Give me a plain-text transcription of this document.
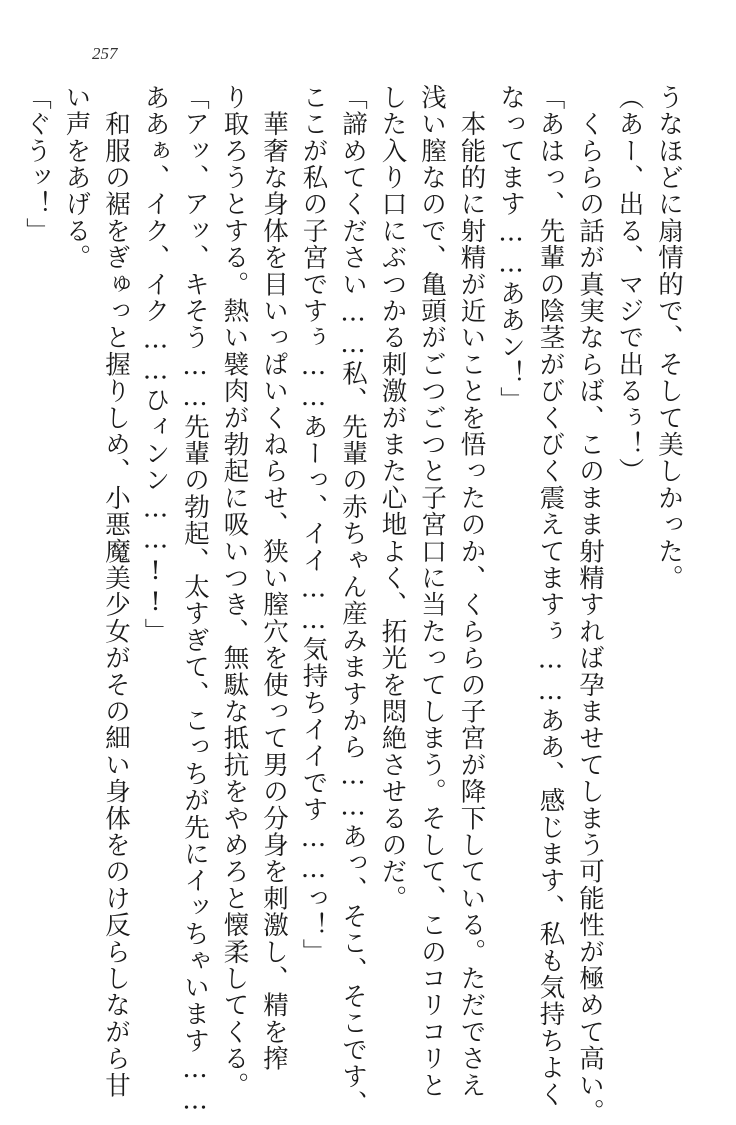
257
うなほどに扇情的で、そして美しかった。
（あー、出る、マジで出るぅ！）
　くららの話が真実ならば、このまま射精すれば孕ませてしまう可能性が極めて高い。
「あはっ、先輩の陰茎がびくびく震えてますぅ……ああ、感じます、私も気持ちよく
なってます……ああン！」
　本能的に射精が近いことを悟ったのか、くららの子宮が降下している。ただでさえ
浅い膣なので、亀頭がごつごつと子宮口に当たってしまう。そして、このコリコリと
した入り口にぶつかる刺激がまた心地よく、拓光を悶絶させるのだ。
「諦めてください……私、先輩の赤ちゃん産みますから……あっ、そこ、そこです、
ここが私の子宮ですぅ……あーっ、イイ……気持ちイイです……っ！」
　華奢な身体を目いっぱいくねらせ、狭い膣穴を使って男の分身を刺激し、精を搾
り取ろうとする。熱い襞肉が勃起に吸いつき、無駄な抵抗をやめろと懐柔してくる。
「アッ、アッ、キそう……先輩の勃起、太すぎて、こっちが先にイッちゃいます……
ああぁ、イク、イク……ひィンン……!!」
　和服の裾をぎゅっと握りしめ、小悪魔美少女がその細い身体をのけ反らしながら甘
い声をあげる。
「ぐうッ！」
